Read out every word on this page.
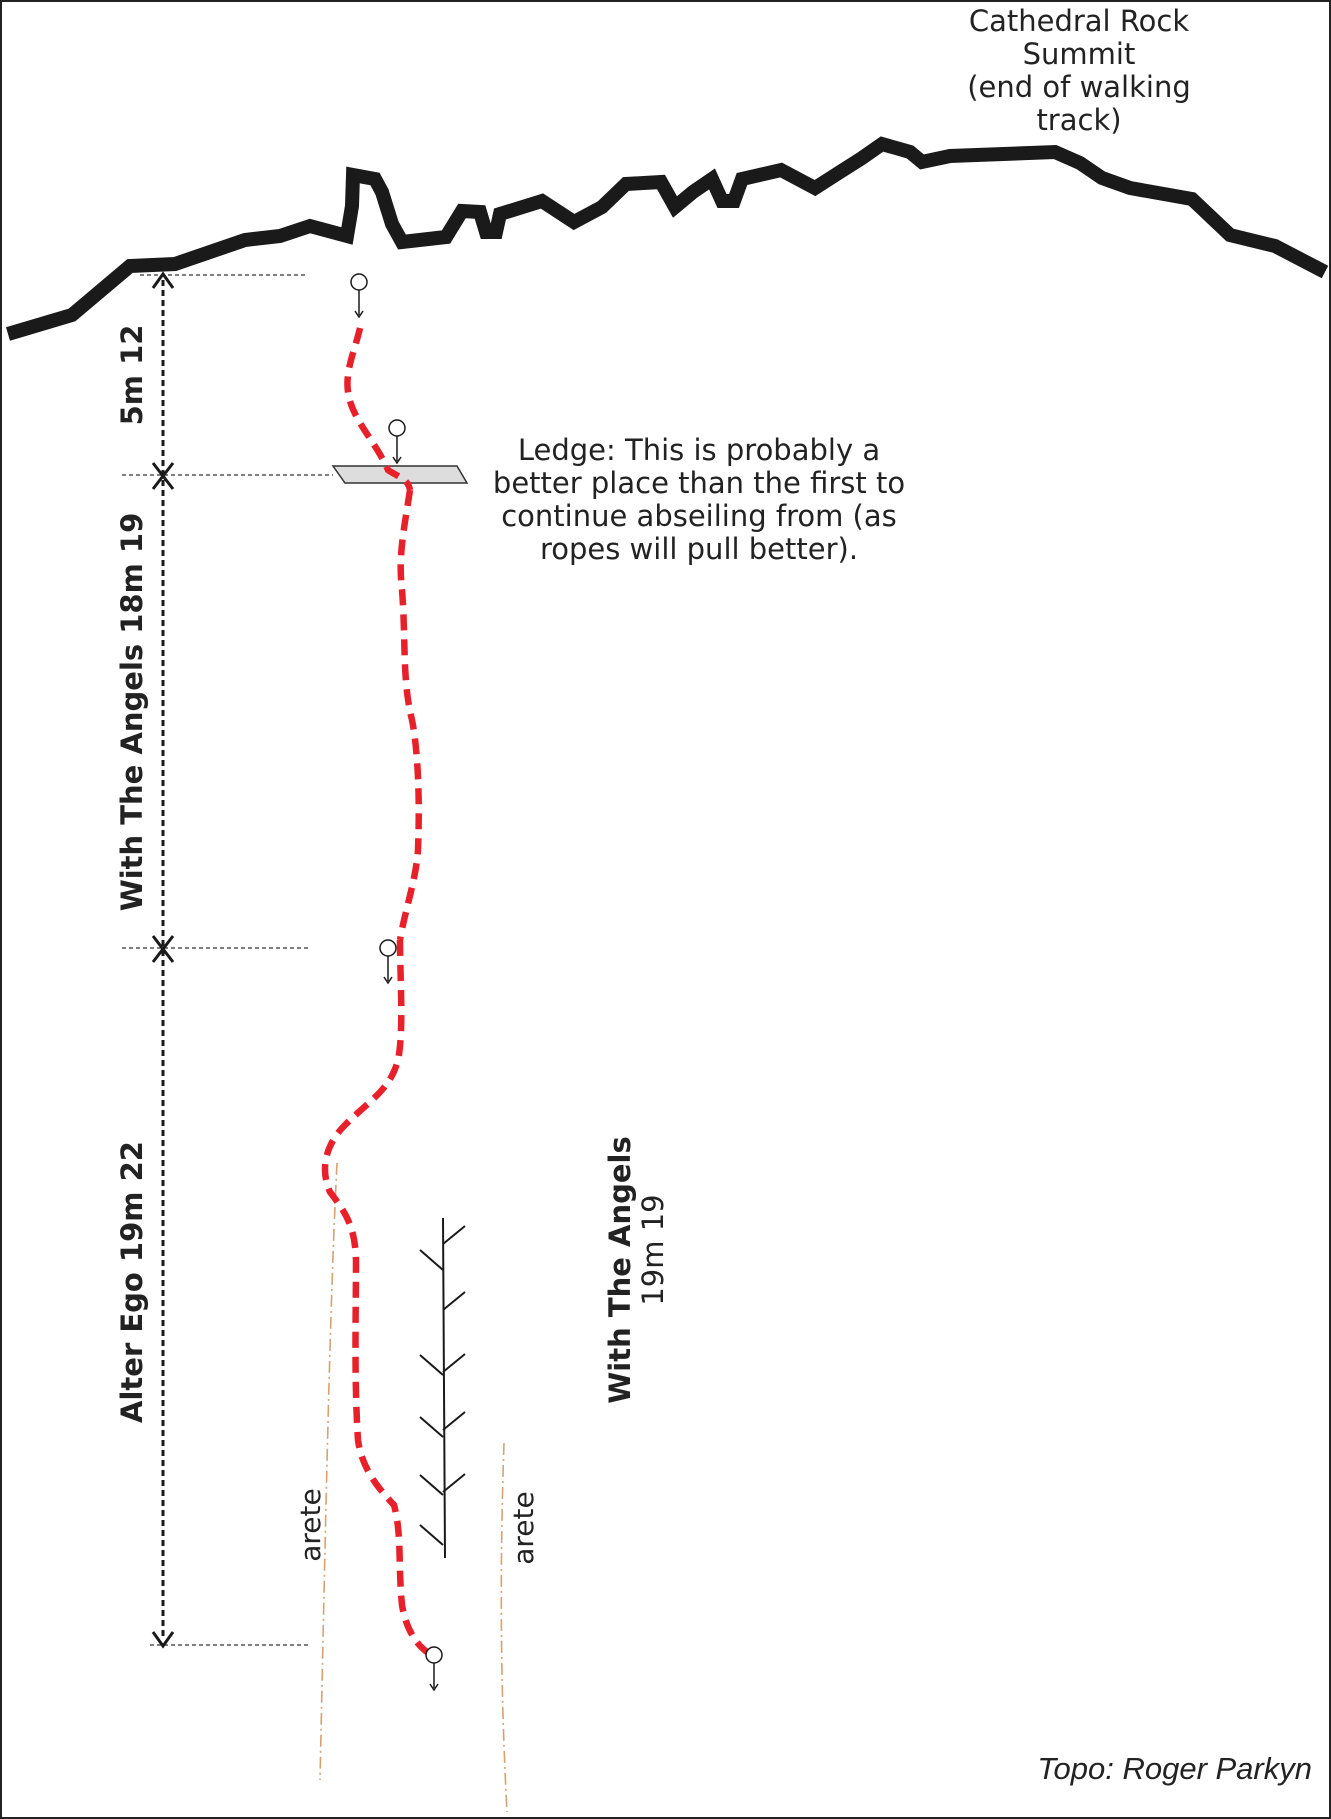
Cathedral Rock
Summit
(end of walking
track)
Ledge: This is probably a
better place than the first to
continue abseiling from (as
ropes will pull better).
5m 12
With The Angels 18m 19
Alter Ego 19m 22	With The Angels 19m 19
arete	arete
Topo: Roger Parkyn
